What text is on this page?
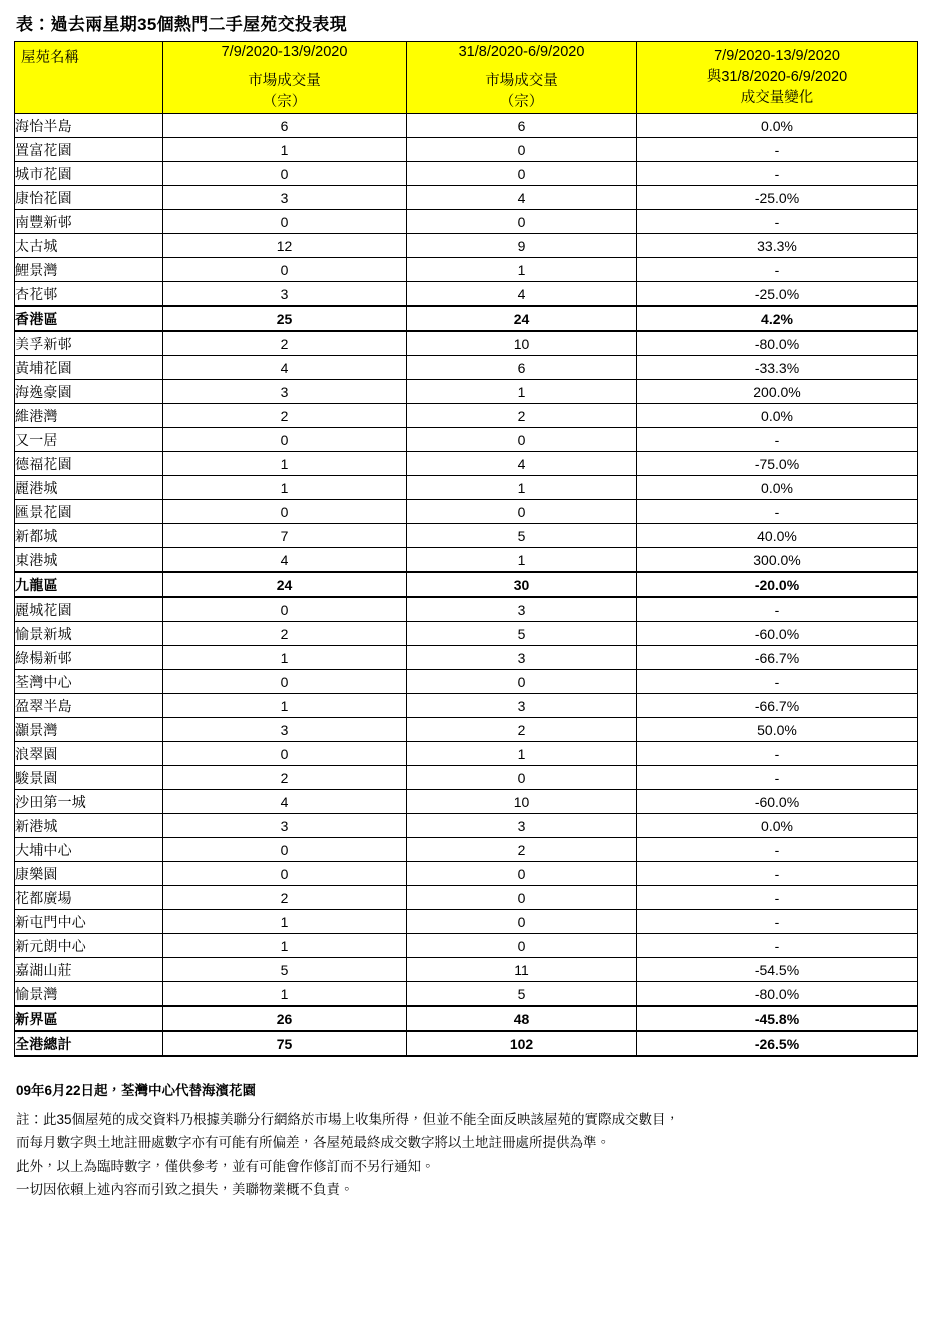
表：過去兩星期35個熱門二手屋苑交投表現
屋苑名稱	7/9/2020-13/9/2020
市場成交量
（宗）	31/8/2020-6/9/2020
市場成交量
（宗）	7/9/2020-13/9/2020
與31/8/2020-6/9/2020
成交量變化

海怡半島	6	6	0.0%
置富花園	1	0	-
城市花園	0	0	-
康怡花園	3	4	-25.0%
南豐新邨	0	0	-
太古城	12	9	33.3%
鯉景灣	0	1	-
杏花邨	3	4	-25.0%
香港區	25	24	4.2%
美孚新邨	2	10	-80.0%
黃埔花園	4	6	-33.3%
海逸豪園	3	1	200.0%
維港灣	2	2	0.0%
又一居	0	0	-
德福花園	1	4	-75.0%
麗港城	1	1	0.0%
匯景花園	0	0	-
新都城	7	5	40.0%
東港城	4	1	300.0%
九龍區	24	30	-20.0%
麗城花園	0	3	-
愉景新城	2	5	-60.0%
綠楊新邨	1	3	-66.7%
荃灣中心	0	0	-
盈翠半島	1	3	-66.7%
灝景灣	3	2	50.0%
浪翠園	0	1	-
駿景園	2	0	-
沙田第一城	4	10	-60.0%
新港城	3	3	0.0%
大埔中心	0	2	-
康樂園	0	0	-
花都廣場	2	0	-
新屯門中心	1	0	-
新元朗中心	1	0	-
嘉湖山莊	5	11	-54.5%
愉景灣	1	5	-80.0%
新界區	26	48	-45.8%
全港總計	75	102	-26.5%

09年6月22日起，荃灣中心代替海濱花園

註：此35個屋苑的成交資料乃根據美聯分行網絡於市場上收集所得，但並不能全面反映該屋苑的實際成交數目，

而每月數字與土地註冊處數字亦有可能有所偏差，各屋苑最終成交數字將以土地註冊處所提供為準。

此外，以上為臨時數字，僅供參考，並有可能會作修訂而不另行通知。

一切因依賴上述內容而引致之損失，美聯物業概不負責。
